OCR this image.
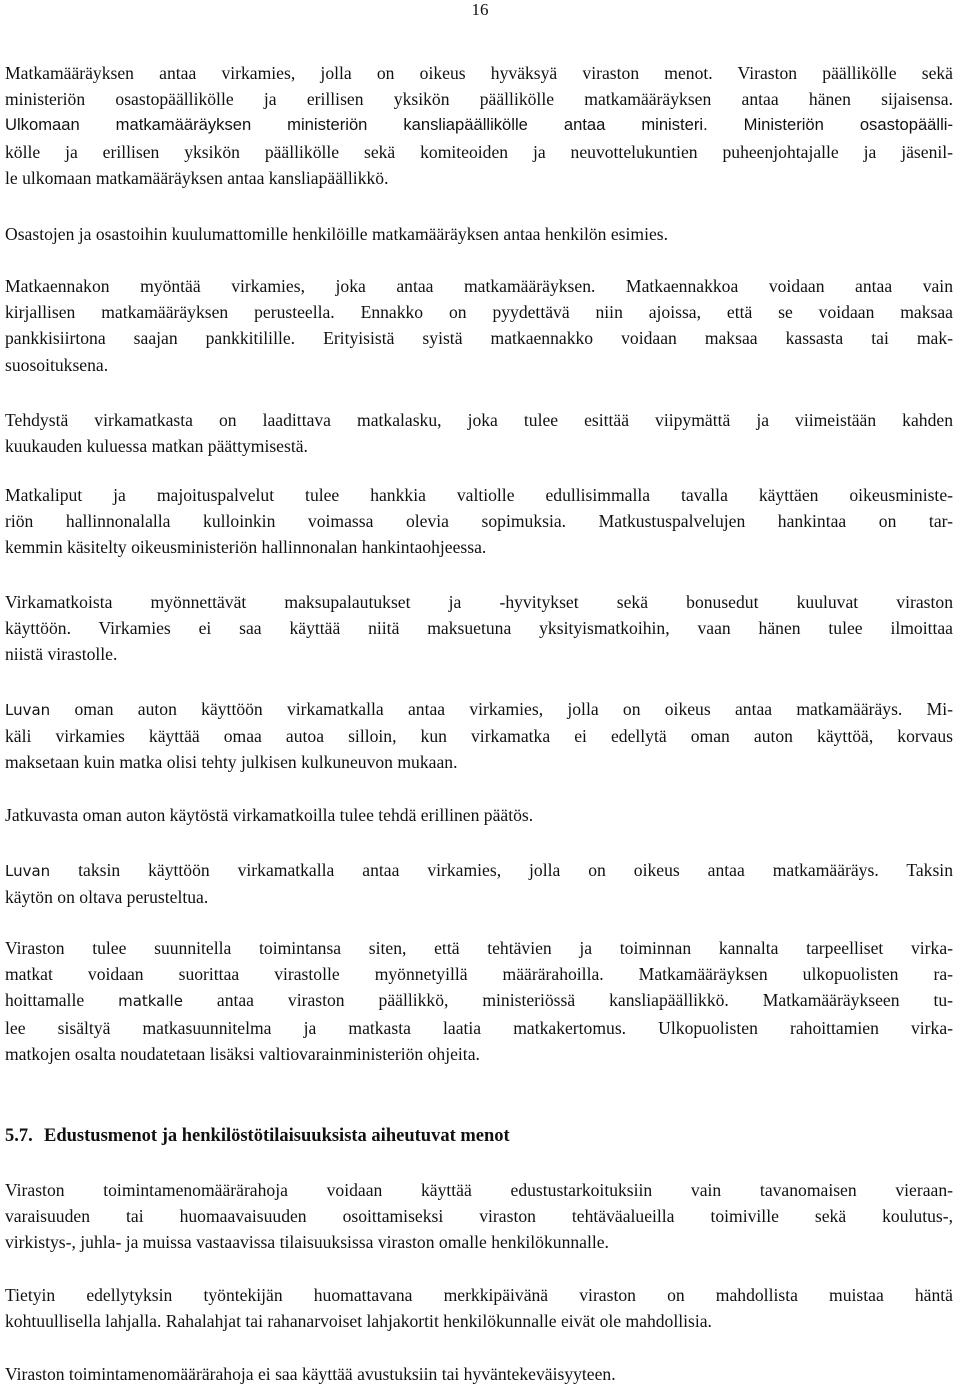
16

Matkamääräyksen antaa virkamies, jolla on oikeus hyväksyä viraston menot. Viraston päällikölle sekä
ministeriön osastopäällikölle ja erillisen yksikön päällikölle matkamääräyksen antaa hänen sijaisensa.
Ulkomaan matkamääräyksen ministeriön kansliapäällikölle antaa ministeri. Ministeriön osastopäälli-
kölle ja erillisen yksikön päällikölle sekä komiteoiden ja neuvottelukuntien puheenjohtajalle ja jäsenil-
le ulkomaan matkamääräyksen antaa kansliapäällikkö.

Osastojen ja osastoihin kuulumattomille henkilöille matkamääräyksen antaa henkilön esimies.

Matkaennakon myöntää virkamies, joka antaa matkamääräyksen. Matkaennakkoa voidaan antaa vain
kirjallisen matkamääräyksen perusteella. Ennakko on pyydettävä niin ajoissa, että se voidaan maksaa
pankkisiirtona saajan pankkitilille. Erityisistä syistä matkaennakko voidaan maksaa kassasta tai mak-
suosoituksena.

Tehdystä virkamatkasta on laadittava matkalasku, joka tulee esittää viipymättä ja viimeistään kahden
kuukauden kuluessa matkan päättymisestä.

Matkaliput ja majoituspalvelut tulee hankkia valtiolle edullisimmalla tavalla käyttäen oikeusministe-
riön hallinnonalalla kulloinkin voimassa olevia sopimuksia. Matkustuspalvelujen hankintaa on tar-
kemmin käsitelty oikeusministeriön hallinnonalan hankintaohjeessa.

Virkamatkoista myönnettävät maksupalautukset ja -hyvitykset sekä bonusedut kuuluvat viraston
käyttöön. Virkamies ei saa käyttää niitä maksuetuna yksityismatkoihin, vaan hänen tulee ilmoittaa
niistä virastolle.

Luvan oman auton käyttöön virkamatkalla antaa virkamies, jolla on oikeus antaa matkamääräys. Mi-
käli virkamies käyttää omaa autoa silloin, kun virkamatka ei edellytä oman auton käyttöä, korvaus
maksetaan kuin matka olisi tehty julkisen kulkuneuvon mukaan.

Jatkuvasta oman auton käytöstä virkamatkoilla tulee tehdä erillinen päätös.

Luvan taksin käyttöön virkamatkalla antaa virkamies, jolla on oikeus antaa matkamääräys. Taksin
käytön on oltava perusteltua.

Viraston tulee suunnitella toimintansa siten, että tehtävien ja toiminnan kannalta tarpeelliset virka-
matkat voidaan suorittaa virastolle myönnetyillä määrärahoilla. Matkamääräyksen ulkopuolisten ra-
hoittamalle matkalle antaa viraston päällikkö, ministeriössä kansliapäällikkö. Matkamääräykseen tu-
lee sisältyä matkasuunnitelma ja matkasta laatia matkakertomus. Ulkopuolisten rahoittamien virka-
matkojen osalta noudatetaan lisäksi valtiovarainministeriön ohjeita.

5.7. Edustusmenot ja henkilöstötilaisuuksista aiheutuvat menot

Viraston toimintamenomäärärahoja voidaan käyttää edustustarkoituksiin vain tavanomaisen vieraan-
varaisuuden tai huomaavaisuuden osoittamiseksi viraston tehtäväalueilla toimiville sekä koulutus-,
virkistys-, juhla- ja muissa vastaavissa tilaisuuksissa viraston omalle henkilökunnalle.

Tietyin edellytyksin työntekijän huomattavana merkkipäivänä viraston on mahdollista muistaa häntä
kohtuullisella lahjalla. Rahalahjat tai rahanarvoiset lahjakortit henkilökunnalle eivät ole mahdollisia.

Viraston toimintamenomäärärahoja ei saa käyttää avustuksiin tai hyväntekeväisyyteen.
